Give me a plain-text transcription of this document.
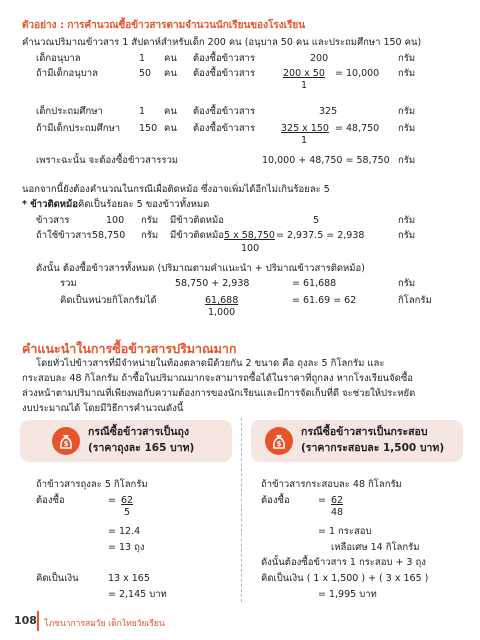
ตัวอย่าง : การคำนวณซื้อข้าวสารตามจำนวนนักเรียนของโรงเรียน
คำนวณปริมาณข้าวสาร 1 สัปดาห์สำหรับเด็ก 200 คน (อนุบาล 50 คน และประถมศึกษา 150 คน)
เด็กอนุบาล	1 คน ต้องซื้อข้าวสาร	200	กรัม
ถ้ามีเด็กอนุบาล	50 คน ต้องซื้อข้าวสาร	200 x 50
1
= 10,000 กรัม
เด็กประถมศึกษา	1 คน ต้องซื้อข้าวสาร	325	กรัม
ถ้ามีเด็กประถมศึกษา 150 คน ต้องซื้อข้าวสาร	325 x 150
1
= 48,750 กรัม
เพราะฉะนั้น จะต้องซื้อข้าวสารรวม	10,000 + 48,750 = 58,750 กรัม
นอกจากนี้ยังต้องคำนวณในกรณีเผื่อติดหม้อ ซึ่งอาจเพิ่มได้อีกไม่เกินร้อยละ 5
* ข้าวติดหม้อคิดเป็นร้อยละ 5 ของข้าวทั้งหมด
ข้าวสาร	100 กรัม มีข้าวติดหม้อ	5	กรัม
ถ้าใช้ข้าวสาร 58,750 กรัม มีข้าวติดหม้อ 5 x 58,750
100
= 2,937.5 = 2,938	กรัม
ดังนั้น ต้องซื้อข้าวสารทั้งหมด (ปริมาณตามคำแนะนำ + ปริมาณข้าวสารติดหม้อ)
รวม	58,750 + 2,938	= 61,688	กรัม
คิดเป็นหน่วยกิโลกรัมได้	61,688
1,000
= 61.69 = 62	กิโลกรัม
คำแนะนำในการซื้อข้าวสารปริมาณมาก
โดยทั่วไปข้าวสารที่มีจำหน่ายในท้องตลาดมีด้วยกัน 2 ขนาด คือ ถุงละ 5 กิโลกรัม และ
กระสอบละ 48 กิโลกรัม ถ้าซื้อในปริมาณมากจะสามารถซื้อได้ในราคาที่ถูกลง หากโรงเรียนจัดซื้อ
ล่วงหน้าตามปริมาณที่เพียงพอกับความต้องการของนักเรียนและมีการจัดเก็บที่ดี จะช่วยให้ประหยัด
งบประมาณได้ โดยมีวิธีการคำนวณดังนี้
$
กรณีซื้อข้าวสารเป็นถุง
(ราคาถุงละ 165 บาท)	$
กรณีซื้อข้าวสารเป็นกระสอบ
(ราคากระสอบละ 1,500 บาท)
ถ้าข้าวสารถุงละ 5 กิโลกรัม
ต้องซื้อ	= 62
5
= 12.4
= 13 ถุง
คิดเป็นเงิน	13 x 165
= 2,145 บาท
ถ้าข้าวสารกระสอบละ 48 กิโลกรัม
ต้องซื้อ	= 62
48
= 1 กระสอบ
เหลือเศษ 14 กิโลกรัม
ดังนั้นต้องซื้อข้าวสาร 1 กระสอบ + 3 ถุง
คิดเป็นเงิน ( 1 x 1,500 ) + ( 3 x 165 )
= 1,995 บาท
108 โภชนาการสมวัย เด็กไทยวัยเรียน
